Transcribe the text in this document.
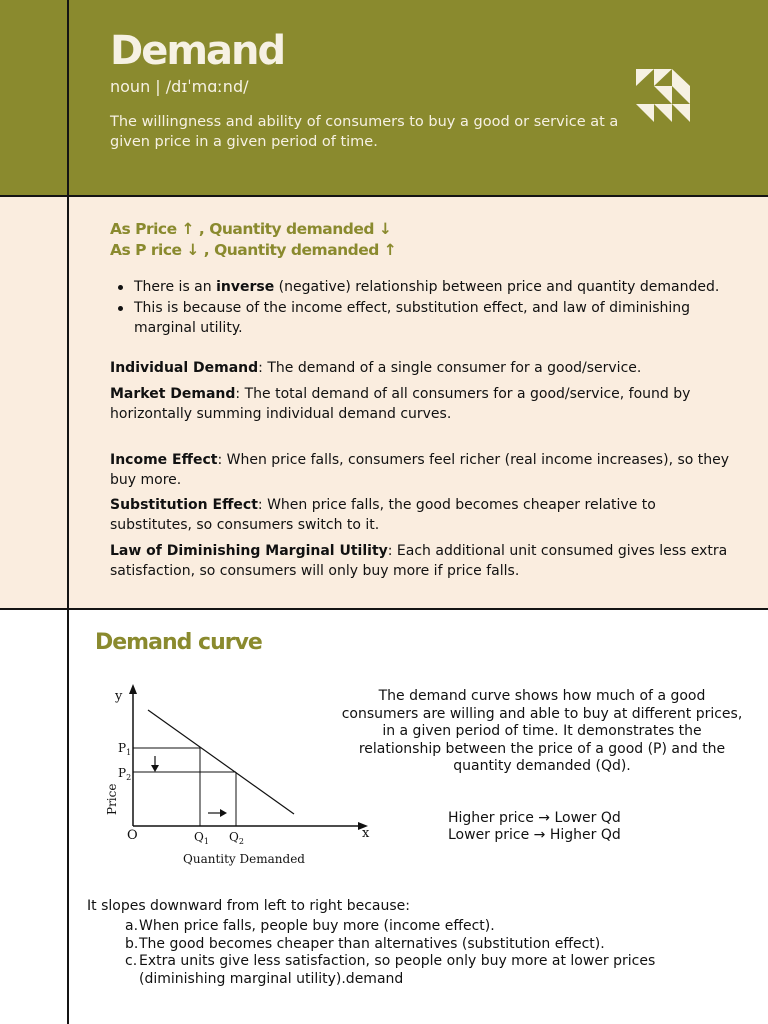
Demand
noun | /dɪˈmɑːnd/
The willingness and ability of consumers to buy a good or service at a given price in a given period of time.
As Price ↑ , Quantity demanded ↓
As P rice ↓ , Quantity demanded ↑
There is an inverse (negative) relationship between price and quantity demanded.
This is because of the income effect, substitution effect, and law of diminishing marginal utility.

Individual Demand: The demand of a single consumer for a good/service.

Market Demand: The total demand of all consumers for a good/service, found by horizontally summing individual demand curves.

Income Effect: When price falls, consumers feel richer (real income increases), so they buy more.

Substitution Effect: When price falls, the good becomes cheaper relative to substitutes, so consumers switch to it.

Law of Diminishing Marginal Utility: Each additional unit consumed gives less extra satisfaction, so consumers will only buy more if price falls.

Demand curve
y
x
O
$P_1$
$P_2$
$Q_1$ $Q_2$
Price
Quantity Demanded
The demand curve shows how much of a good consumers are willing and able to buy at different prices, in a given period of time. It demonstrates the relationship between the price of a good (P) and the quantity demanded (Qd).
Higher price → Lower Qd
Lower price → Higher Qd
It slopes downward from left to right because:
a. When price falls, people buy more (income effect).
b. The good becomes cheaper than alternatives (substitution effect).
c. Extra units give less satisfaction, so people only buy more at lower prices (diminishing marginal utility).demand
